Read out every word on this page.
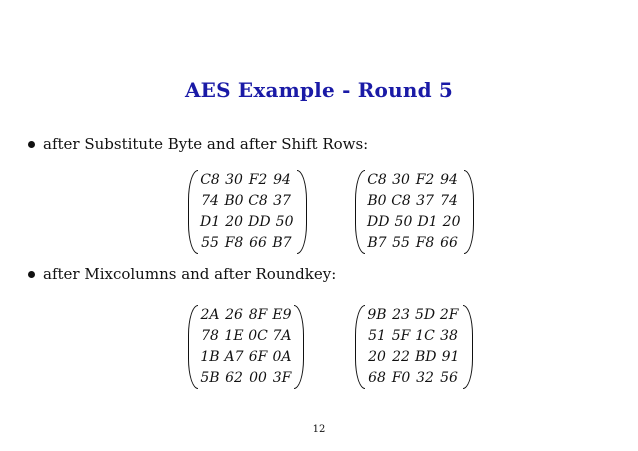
AES Example - Round 5
after Substitute Byte and after Shift Rows:
C8 30 F2 94
74 B0 C8 37
D1 20 DD 50
55 F8 66 B7
C8 30 F2 94
B0 C8 37 74
DD 50 D1 20
B7 55 F8 66
after Mixcolumns and after Roundkey:
2A 26 8F E9
78 1E 0C 7A
1B A7 6F 0A
5B 62 00 3F
9B 23 5D 2F
51 5F 1C 38
20 22 BD 91
68 F0 32 56
12
